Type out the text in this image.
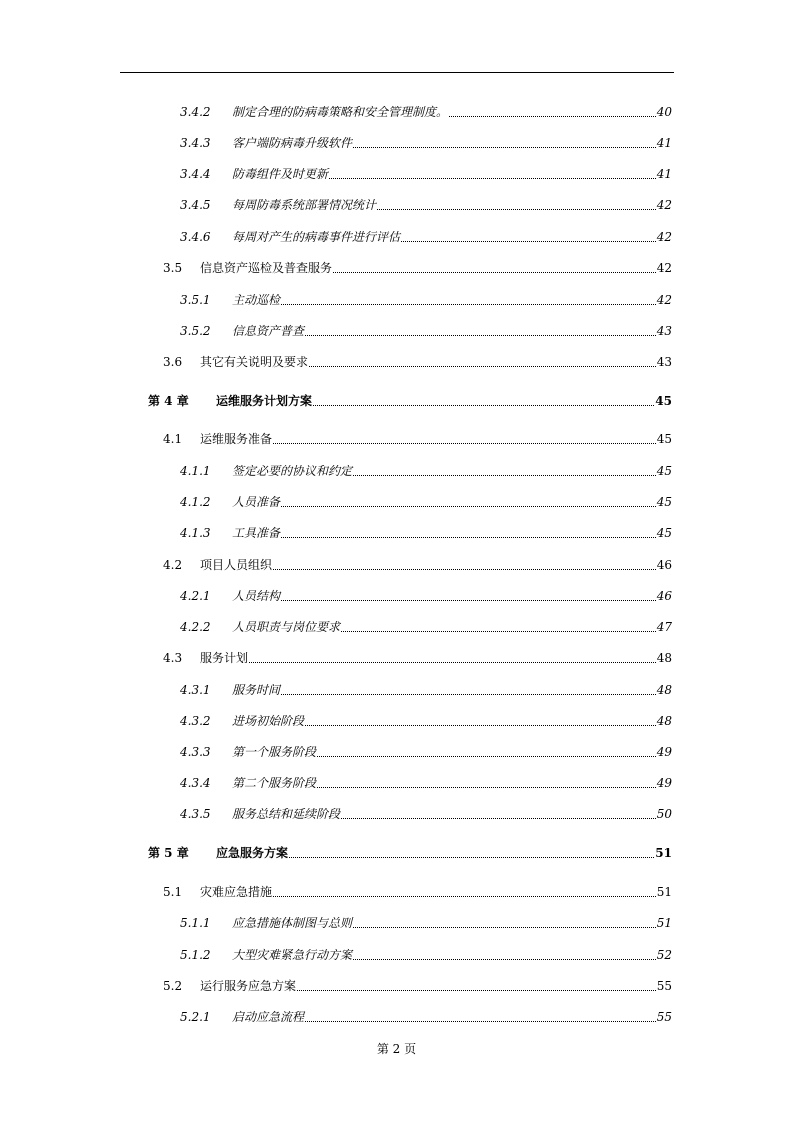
3.4.2 制定合理的防病毒策略和安全管理制度。	40
3.4.3 客户端防病毒升级软件	41
3.4.4 防毒组件及时更新	41
3.4.5 每周防毒系统部署情况统计	42
3.4.6 每周对产生的病毒事件进行评估	42
3.5 信息资产巡检及普查服务	42
3.5.1 主动巡检	42
3.5.2 信息资产普查	43
3.6 其它有关说明及要求	43
第 4 章 运维服务计划方案	45
4.1 运维服务准备	45
4.1.1 签定必要的协议和约定	45
4.1.2 人员准备	45
4.1.3 工具准备	45
4.2 项目人员组织	46
4.2.1 人员结构	46
4.2.2 人员职责与岗位要求	47
4.3 服务计划	48
4.3.1 服务时间	48
4.3.2 进场初始阶段	48
4.3.3 第一个服务阶段	49
4.3.4 第二个服务阶段	49
4.3.5 服务总结和延续阶段	50
第 5 章 应急服务方案	51
5.1 灾难应急措施	51
5.1.1 应急措施体制图与总则	51
5.1.2 大型灾难紧急行动方案	52
5.2 运行服务应急方案	55
5.2.1 启动应急流程	55
第 2 页
